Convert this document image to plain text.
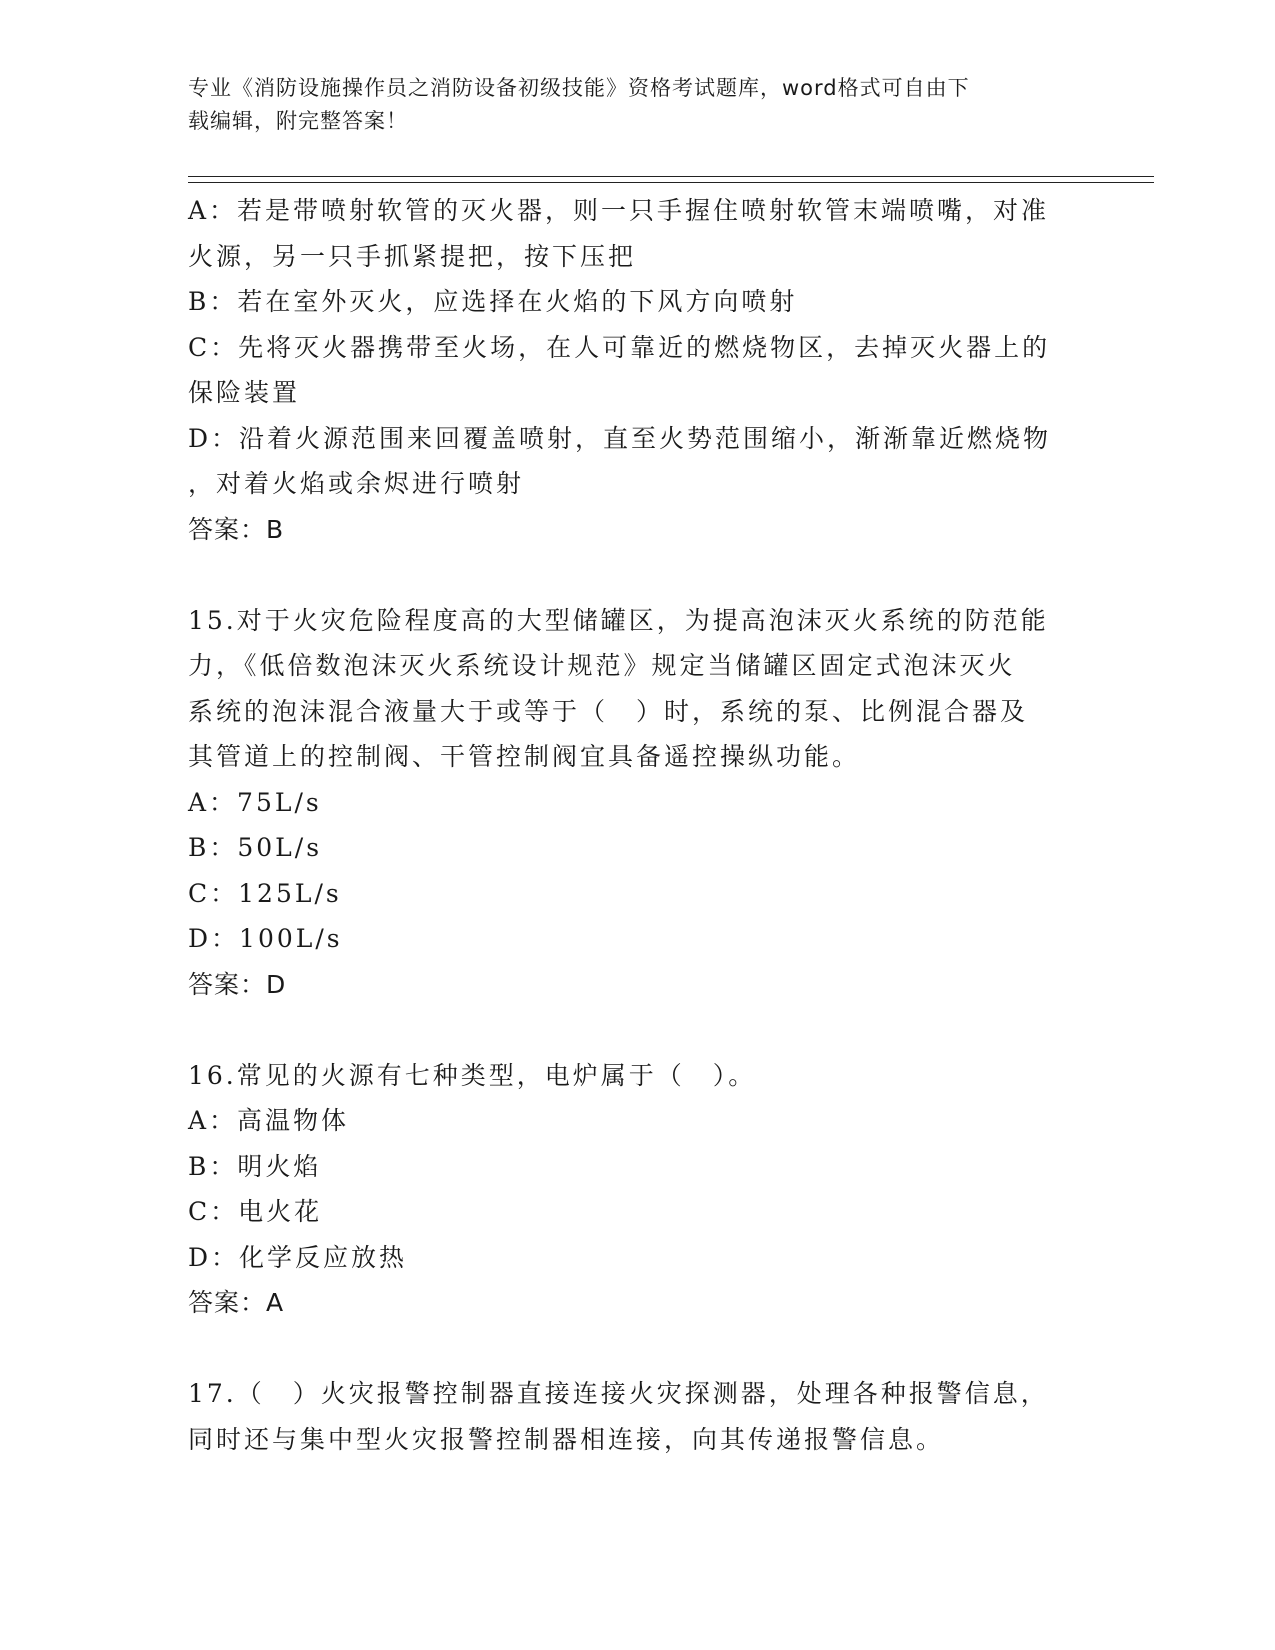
专业《消防设施操作员之消防设备初级技能》资格考试题库，word格式可自由下
载编辑，附完整答案！
A：若是带喷射软管的灭火器，则一只手握住喷射软管末端喷嘴，对准
火源，另一只手抓紧提把，按下压把
B：若在室外灭火，应选择在火焰的下风方向喷射
C：先将灭火器携带至火场，在人可靠近的燃烧物区，去掉灭火器上的
保险装置
D：沿着火源范围来回覆盖喷射，直至火势范围缩小，渐渐靠近燃烧物
，对着火焰或余烬进行喷射
答案：B
15.对于火灾危险程度高的大型储罐区，为提高泡沫灭火系统的防范能
力，《低倍数泡沫灭火系统设计规范》规定当储罐区固定式泡沫灭火
系统的泡沫混合液量大于或等于（　）时，系统的泵、比例混合器及
其管道上的控制阀、干管控制阀宜具备遥控操纵功能。
A：75L/s
B：50L/s
C：125L/s
D：100L/s
答案：D
16.常见的火源有七种类型，电炉属于（　）。
A：高温物体
B：明火焰
C：电火花
D：化学反应放热
答案：A
17.（　）火灾报警控制器直接连接火灾探测器，处理各种报警信息，
同时还与集中型火灾报警控制器相连接，向其传递报警信息。
